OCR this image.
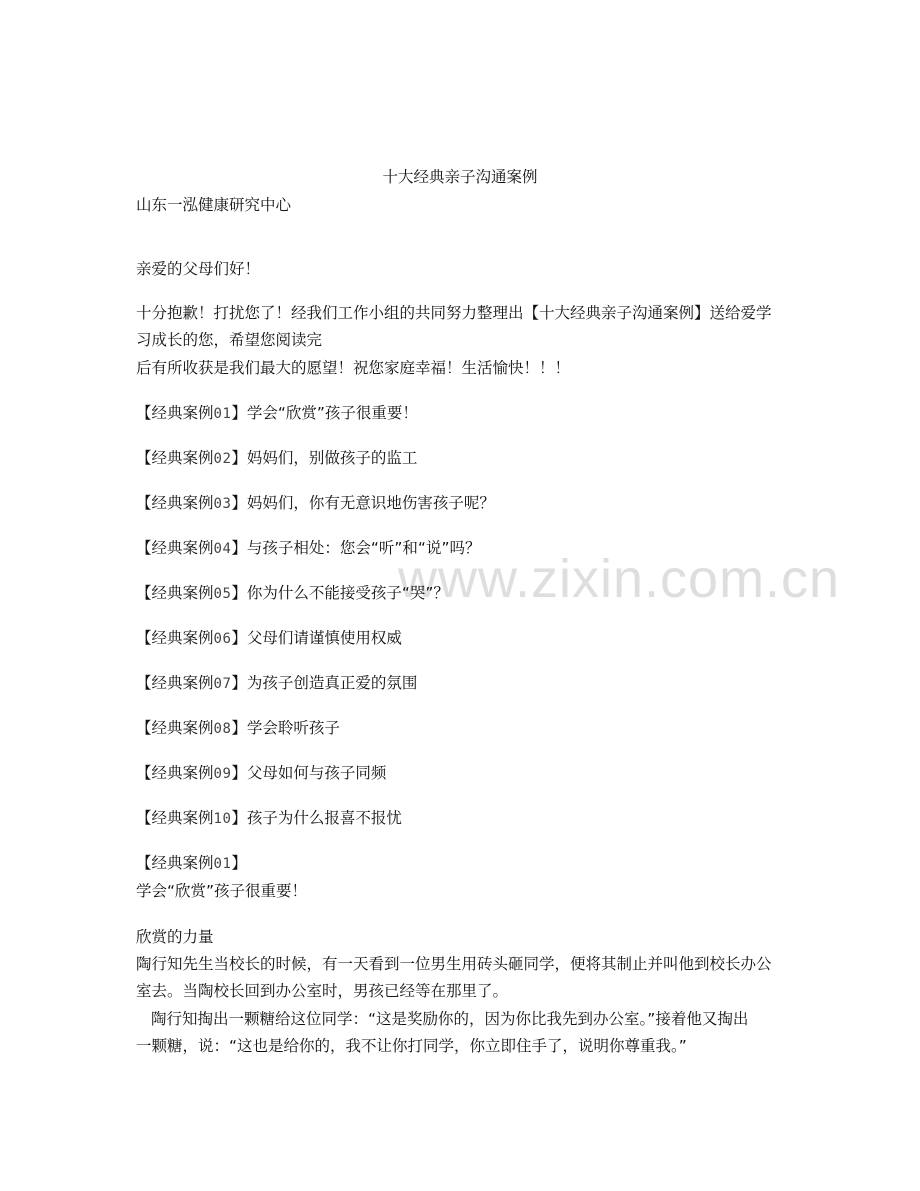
www.zixin.com.cn
十大经典亲子沟通案例
山东一泓健康研究中心
亲爱的父母们好！
十分抱歉！打扰您了！经我们工作小组的共同努力整理出【十大经典亲子沟通案例】送给爱学
习成长的您，希望您阅读完
后有所收获是我们最大的愿望！祝您家庭幸福！生活愉快！！！
【经典案例01】学会“欣赏”孩子很重要！
【经典案例02】妈妈们，别做孩子的监工
【经典案例03】妈妈们，你有无意识地伤害孩子呢？
【经典案例04】与孩子相处：您会“听”和“说”吗？
【经典案例05】你为什么不能接受孩子“哭”？
【经典案例06】父母们请谨慎使用权威
【经典案例07】为孩子创造真正爱的氛围
【经典案例08】学会聆听孩子
【经典案例09】父母如何与孩子同频
【经典案例10】孩子为什么报喜不报忧
【经典案例01】
学会“欣赏”孩子很重要！
欣赏的力量
陶行知先生当校长的时候，有一天看到一位男生用砖头砸同学，便将其制止并叫他到校长办公
室去。当陶校长回到办公室时，男孩已经等在那里了。
陶行知掏出一颗糖给这位同学：“这是奖励你的，因为你比我先到办公室。”接着他又掏出
一颗糖，说：“这也是给你的，我不让你打同学，你立即住手了，说明你尊重我。”
